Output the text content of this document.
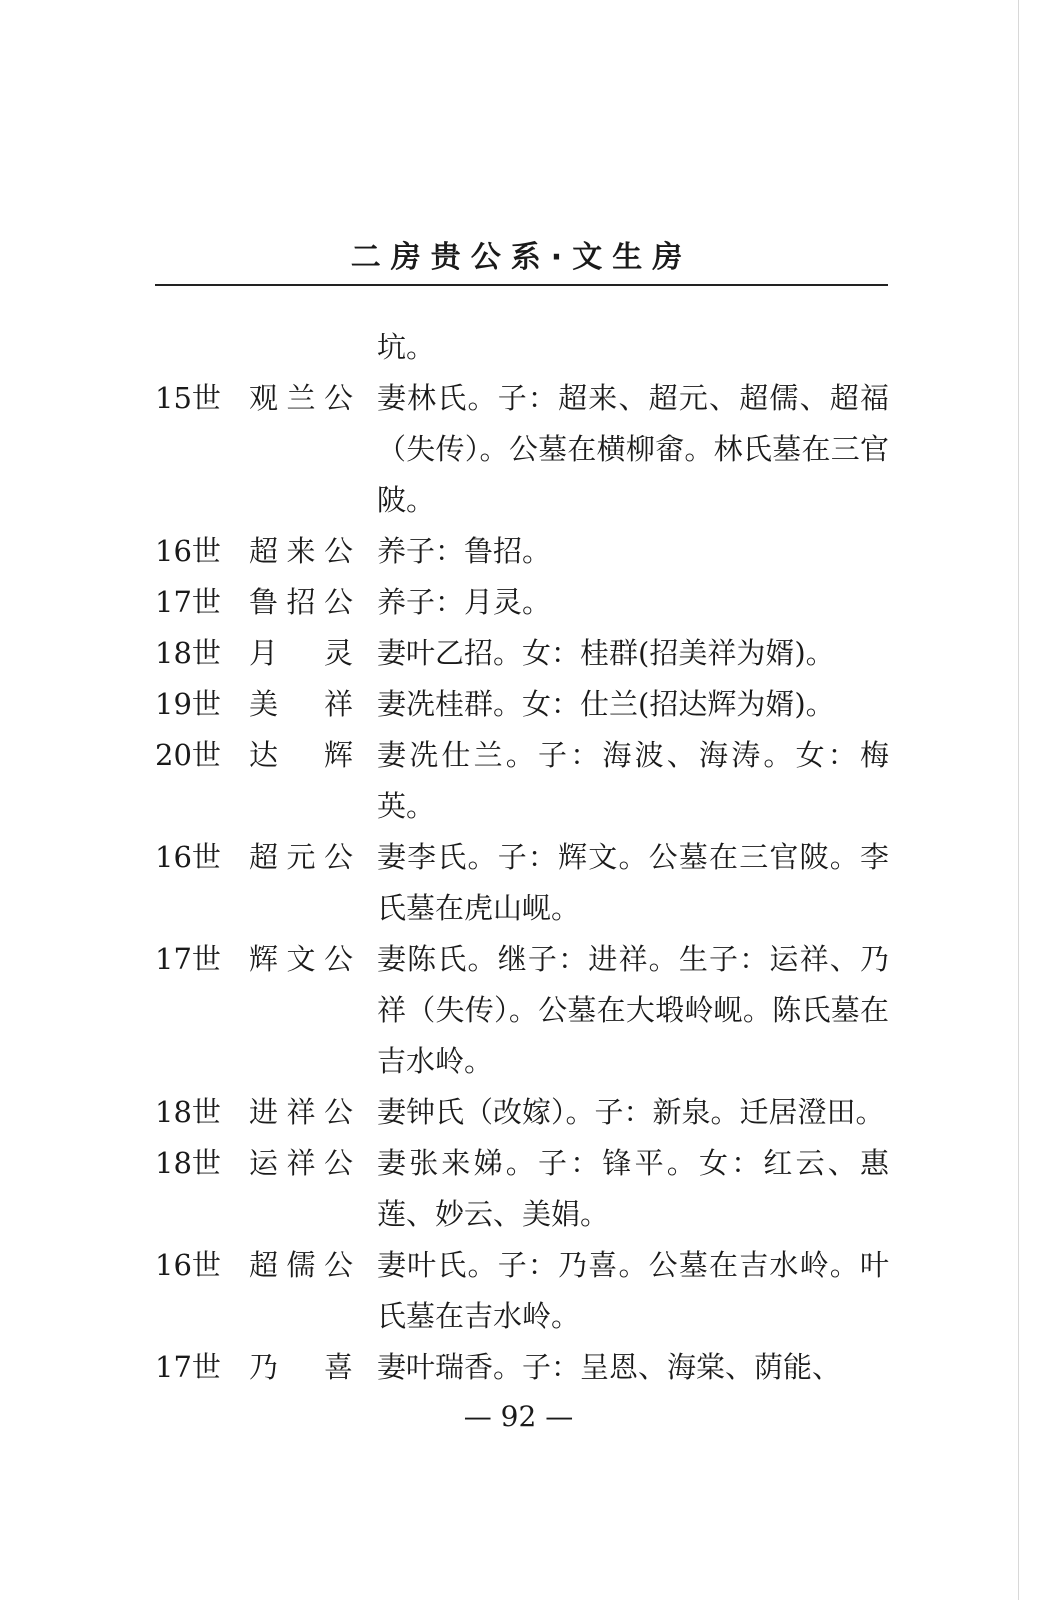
二房贵公系·文生房
坑。
15世 观兰公 妻林氏。子：超来、超元、超儒、超福（失传）。公墓在横柳畲。林氏墓在三官陂。
16世 超来公 养子：鲁招。
17世 鲁招公 养子：月灵。
18世 月灵 妻叶乙招。女：桂群(招美祥为婿)。
19世 美祥 妻冼桂群。女：仕兰(招达辉为婿)。
20世 达辉 妻冼仕兰。子：海波、海涛。女：梅英。
16世 超元公 妻李氏。子：辉文。公墓在三官陂。李氏墓在虎山岘。
17世 辉文公 妻陈氏。继子：进祥。生子：运祥、乃祥（失传）。公墓在大塅岭岘。陈氏墓在吉水岭。
18世 进祥公 妻钟氏（改嫁）。子：新泉。迁居澄田。
18世 运祥公 妻张来娣。子：锋平。女：红云、惠莲、妙云、美娟。
16世 超儒公 妻叶氏。子：乃喜。公墓在吉水岭。叶氏墓在吉水岭。
17世 乃喜 妻叶瑞香。子：呈恩、海棠、荫能、
— 92 —
